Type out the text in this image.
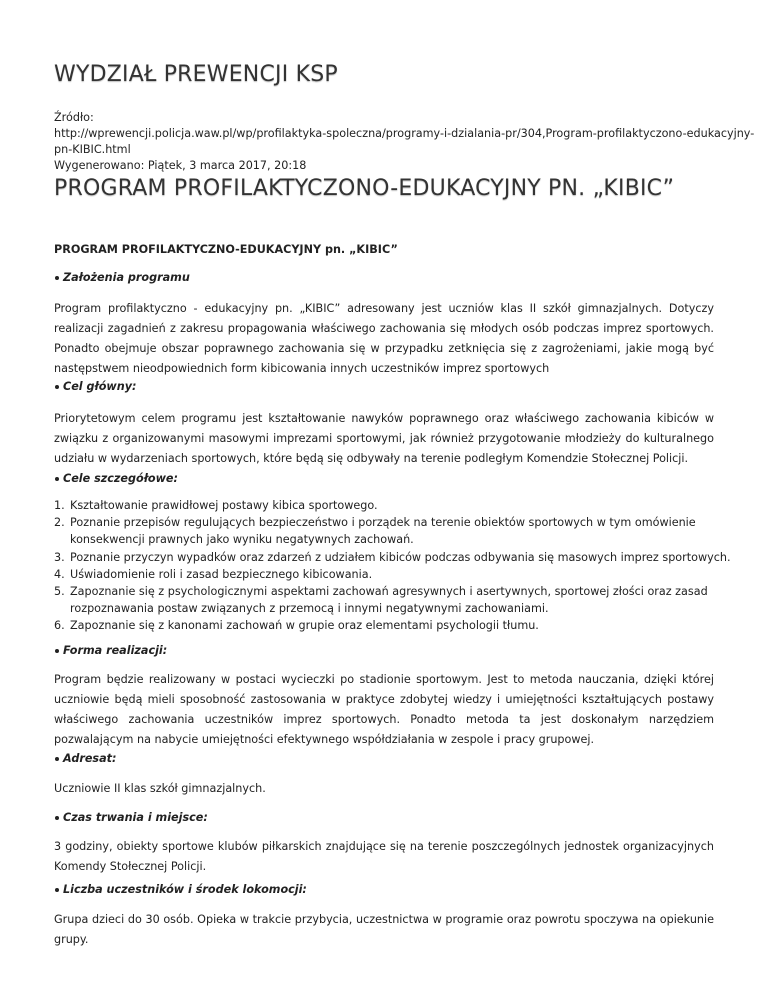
WYDZIAŁ PREWENCJI KSP
Źródło:
http://wprewencji.policja.waw.pl/wp/profilaktyka-spoleczna/programy-i-dzialania-pr/304,Program-profilaktyczono-edukacyjny-
pn-KIBIC.html
Wygenerowano: Piątek, 3 marca 2017, 20:18
PROGRAM PROFILAKTYCZONO-EDUKACYJNY PN. „KIBIC”

PROGRAM PROFILAKTYCZNO-EDUKACYJNY pn. „KIBIC”

Założenia programu
Program profilaktyczno - edukacyjny pn. „KIBIC” adresowany jest uczniów klas II szkół gimnazjalnych. Dotyczy realizacji zagadnień z zakresu propagowania właściwego zachowania się młodych osób podczas imprez sportowych. Ponadto obejmuje obszar poprawnego zachowania się w przypadku zetknięcia się z zagrożeniami, jakie mogą być następstwem nieodpowiednich form kibicowania innych uczestników imprez sportowych
Cel główny:
Priorytetowym celem programu jest kształtowanie nawyków poprawnego oraz właściwego zachowania kibiców w związku z organizowanymi masowymi imprezami sportowymi, jak również przygotowanie młodzieży do kulturalnego udziału w wydarzeniach sportowych, które będą się odbywały na terenie podległym Komendzie Stołecznej Policji.
Cele szczegółowe:
1. Kształtowanie prawidłowej postawy kibica sportowego.
2. Poznanie przepisów regulujących bezpieczeństwo i porządek na terenie obiektów sportowych w tym omówienie konsekwencji prawnych jako wyniku negatywnych zachowań.
3. Poznanie przyczyn wypadków oraz zdarzeń z udziałem kibiców podczas odbywania się masowych imprez sportowych.
4. Uświadomienie roli i zasad bezpiecznego kibicowania.
5. Zapoznanie się z psychologicznymi aspektami zachowań agresywnych i asertywnych, sportowej złości oraz zasad rozpoznawania postaw związanych z przemocą i innymi negatywnymi zachowaniami.
6. Zapoznanie się z kanonami zachowań w grupie oraz elementami psychologii tłumu.
Forma realizacji:
Program będzie realizowany w postaci wycieczki po stadionie sportowym. Jest to metoda nauczania, dzięki której uczniowie będą mieli sposobność zastosowania w praktyce zdobytej wiedzy i umiejętności kształtujących postawy właściwego zachowania uczestników imprez sportowych. Ponadto metoda ta jest doskonałym narzędziem pozwalającym na nabycie umiejętności efektywnego współdziałania w zespole i pracy grupowej.
Adresat:
Uczniowie II klas szkół gimnazjalnych.
Czas trwania i miejsce:
3 godziny, obiekty sportowe klubów piłkarskich znajdujące się na terenie poszczególnych jednostek organizacyjnych Komendy Stołecznej Policji.
Liczba uczestników i środek lokomocji:
Grupa dzieci do 30 osób. Opieka w trakcie przybycia, uczestnictwa w programie oraz powrotu spoczywa na opiekunie grupy.
